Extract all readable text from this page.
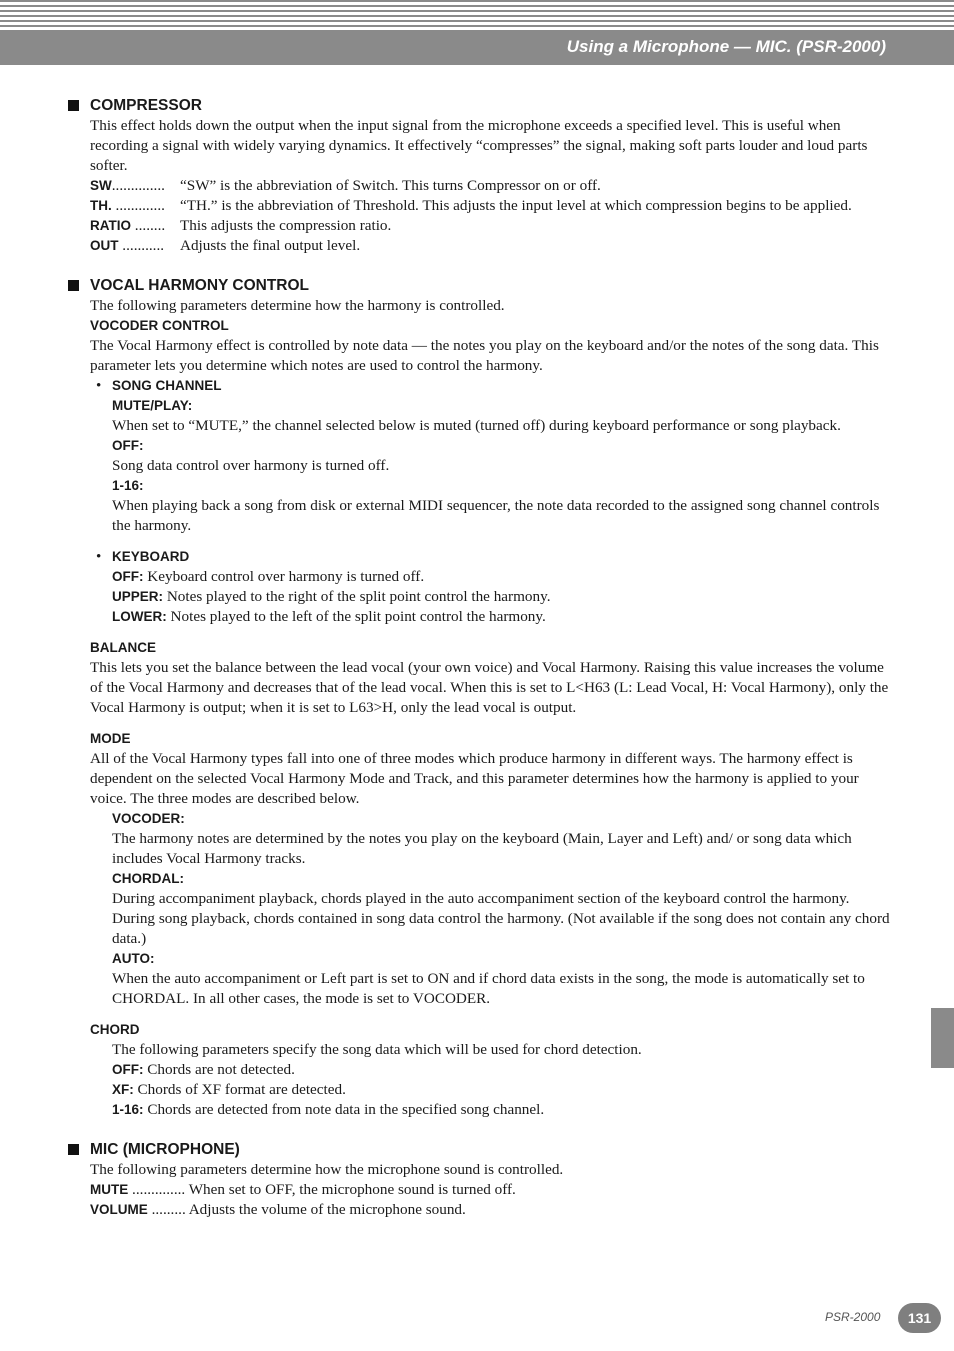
Using a Microphone — MIC. (PSR-2000)
COMPRESSOR

This effect holds down the output when the input signal from the microphone exceeds a specified level. This is useful when recording a signal with widely varying dynamics. It effectively “compresses” the signal, making soft parts louder and loud parts softer.

SW.............. “SW” is the abbreviation of Switch. This turns Compressor on or off.
TH. ............. “TH.” is the abbreviation of Threshold. This adjusts the input level at which compression begins to be applied.
RATIO ........ This adjusts the compression ratio.
OUT ...........	Adjusts the final output level.
VOCAL HARMONY CONTROL

The following parameters determine how the harmony is controlled.

VOCODER CONTROL

The Vocal Harmony effect is controlled by note data — the notes you play on the keyboard and/or the notes of the song data. This parameter lets you determine which notes are used to control the harmony.

• SONG CHANNEL
MUTE/PLAY:

When set to “MUTE,” the channel selected below is muted (turned off) during keyboard performance or song playback.

OFF:

Song data control over harmony is turned off.

1-16:

When playing back a song from disk or external MIDI sequencer, the note data recorded to the assigned song channel controls the harmony.

• KEYBOARD

OFF: Keyboard control over harmony is turned off.

UPPER: Notes played to the right of the split point control the harmony.

LOWER: Notes played to the left of the split point control the harmony.

BALANCE

This lets you set the balance between the lead vocal (your own voice) and Vocal Harmony. Raising this value increases the volume of the Vocal Harmony and decreases that of the lead vocal. When this is set to L<H63 (L: Lead Vocal, H: Vocal Harmony), only the Vocal Harmony is output; when it is set to L63>H, only the lead vocal is output.

MODE

All of the Vocal Harmony types fall into one of three modes which produce harmony in different ways. The harmony effect is dependent on the selected Vocal Harmony Mode and Track, and this parameter determines how the harmony is applied to your voice. The three modes are described below.

VOCODER:

The harmony notes are determined by the notes you play on the keyboard (Main, Layer and Left) and/ or song data which includes Vocal Harmony tracks.

CHORDAL:

During accompaniment playback, chords played in the auto accompaniment section of the keyboard control the harmony. During song playback, chords contained in song data control the harmony. (Not available if the song does not contain any chord data.)

AUTO:

When the auto accompaniment or Left part is set to ON and if chord data exists in the song, the mode is automatically set to CHORDAL. In all other cases, the mode is set to VOCODER.

CHORD

The following parameters specify the song data which will be used for chord detection.

OFF: Chords are not detected.

XF: Chords of XF format are detected.

1-16: Chords are detected from note data in the specified song channel.

MIC (MICROPHONE)

The following parameters determine how the microphone sound is controlled.

MUTE .............. When set to OFF, the microphone sound is turned off.

VOLUME ......... Adjusts the volume of the microphone sound.

PSR-2000	131
